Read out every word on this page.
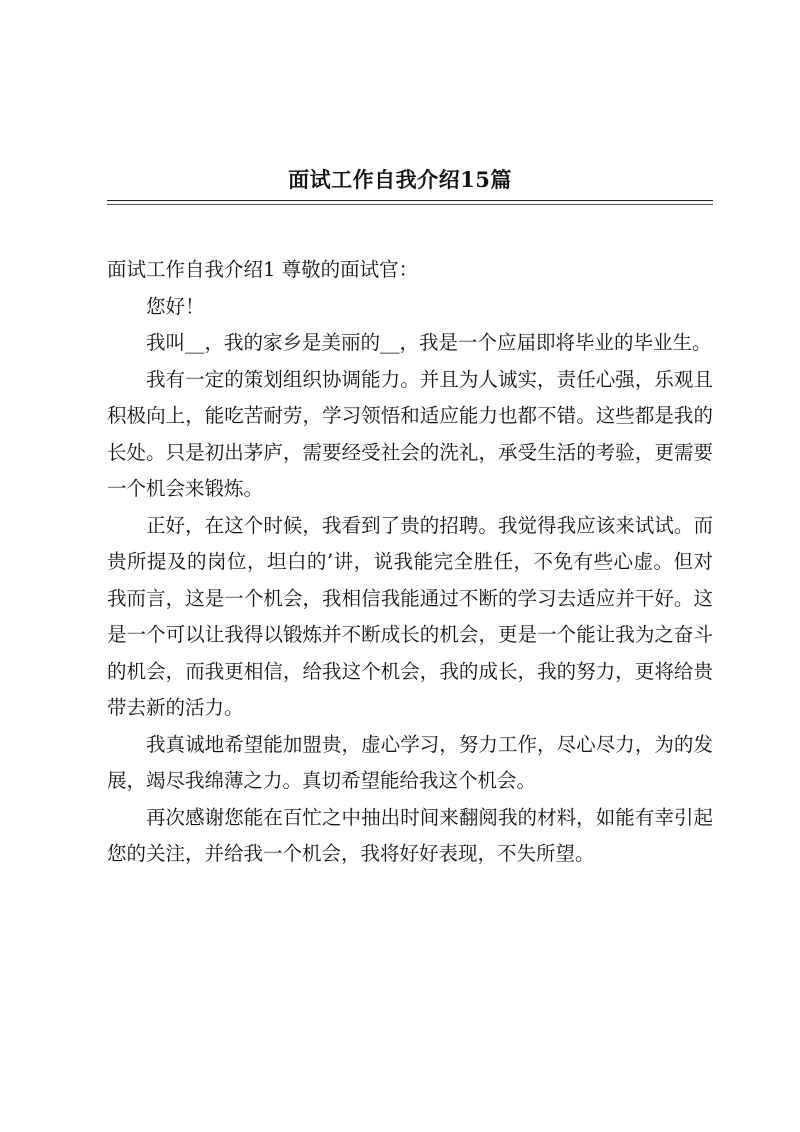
面试工作自我介绍15篇

面试工作自我介绍1 尊敬的面试官：

您好！

我叫__，我的家乡是美丽的__，我是一个应届即将毕业的毕业生。

我有一定的策划组织协调能力。并且为人诚实，责任心强，乐观且积极向上，能吃苦耐劳，学习领悟和适应能力也都不错。这些都是我的长处。只是初出茅庐，需要经受社会的洗礼，承受生活的考验，更需要一个机会来锻炼。

正好，在这个时候，我看到了贵的招聘。我觉得我应该来试试。而贵所提及的岗位，坦白的’讲，说我能完全胜任，不免有些心虚。但对我而言，这是一个机会，我相信我能通过不断的学习去适应并干好。这是一个可以让我得以锻炼并不断成长的机会，更是一个能让我为之奋斗的机会，而我更相信，给我这个机会，我的成长，我的努力，更将给贵带去新的活力。

我真诚地希望能加盟贵，虚心学习，努力工作，尽心尽力，为的发展，竭尽我绵薄之力。真切希望能给我这个机会。

再次感谢您能在百忙之中抽出时间来翻阅我的材料，如能有幸引起您的关注，并给我一个机会，我将好好表现，不失所望。
